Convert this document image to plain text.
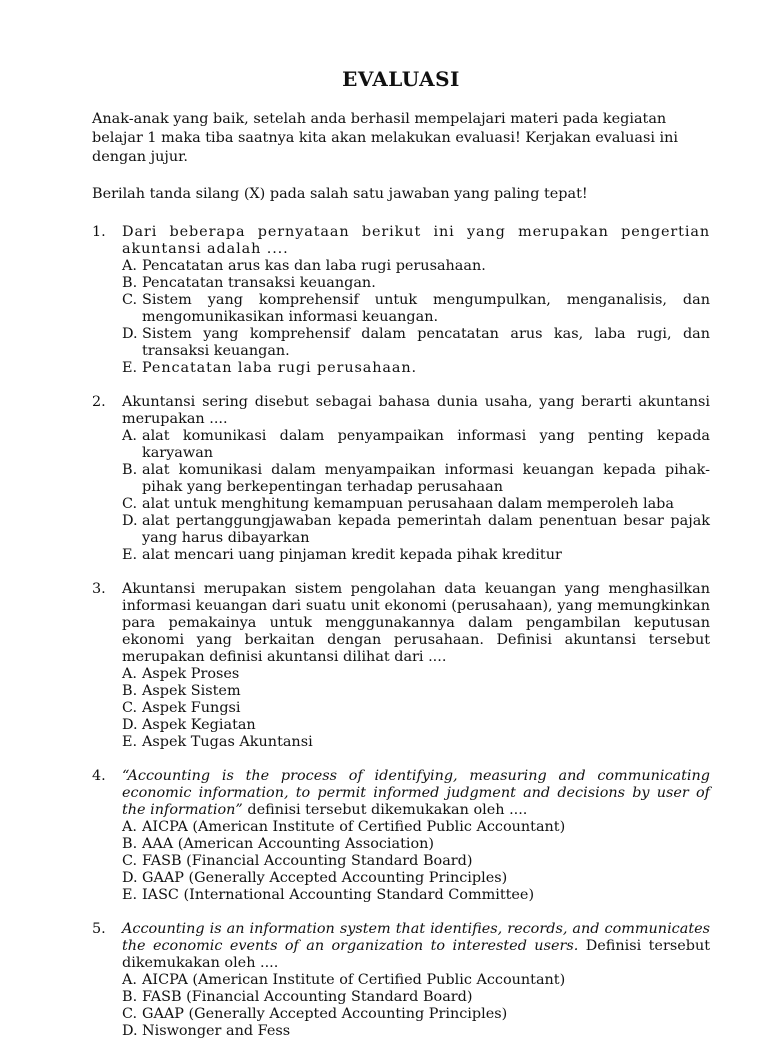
EVALUASI

Anak-anak yang baik, setelah anda berhasil mempelajari materi pada kegiatan belajar 1 maka tiba saatnya kita akan melakukan evaluasi! Kerjakan evaluasi ini dengan jujur.

Berilah tanda silang (X) pada salah satu jawaban yang paling tepat!

1.	Dari beberapa pernyataan berikut ini yang merupakan pengertian akuntansi adalah ....
A. Pencatatan arus kas dan laba rugi perusahaan.
B. Pencatatan transaksi keuangan.
C. Sistem yang komprehensif untuk mengumpulkan, menganalisis, dan mengomunikasikan informasi keuangan.
D. Sistem yang komprehensif dalam pencatatan arus kas, laba rugi, dan transaksi keuangan.
E. Pencatatan laba rugi perusahaan.
2.	Akuntansi sering disebut sebagai bahasa dunia usaha, yang berarti akuntansi merupakan ....
A. alat komunikasi dalam penyampaikan informasi yang penting kepada karyawan
B. alat komunikasi dalam menyampaikan informasi keuangan kepada pihak-pihak yang berkepentingan terhadap perusahaan
C. alat untuk menghitung kemampuan perusahaan dalam memperoleh laba
D. alat pertanggungjawaban kepada pemerintah dalam penentuan besar pajak yang harus dibayarkan
E. alat mencari uang pinjaman kredit kepada pihak kreditur
3.	Akuntansi merupakan sistem pengolahan data keuangan yang menghasilkan informasi keuangan dari suatu unit ekonomi (perusahaan), yang memungkinkan para pemakainya untuk menggunakannya dalam pengambilan keputusan ekonomi yang berkaitan dengan perusahaan. Definisi akuntansi tersebut merupakan definisi akuntansi dilihat dari ....
A. Aspek Proses
B. Aspek Sistem
C. Aspek Fungsi
D. Aspek Kegiatan
E. Aspek Tugas Akuntansi
4.	“Accounting is the process of identifying, measuring and communicating economic information, to permit informed judgment and decisions by user of the information” definisi tersebut dikemukakan oleh ....
A. AICPA (American Institute of Certified Public Accountant)
B. AAA (American Accounting Association)
C. FASB (Financial Accounting Standard Board)
D. GAAP (Generally Accepted Accounting Principles)
E. IASC (International Accounting Standard Committee)
5.	Accounting is an information system that identifies, records, and communicates the economic events of an organization to interested users. Definisi tersebut dikemukakan oleh ....
A. AICPA (American Institute of Certified Public Accountant)
B. FASB (Financial Accounting Standard Board)
C. GAAP (Generally Accepted Accounting Principles)
D. Niswonger and Fess
